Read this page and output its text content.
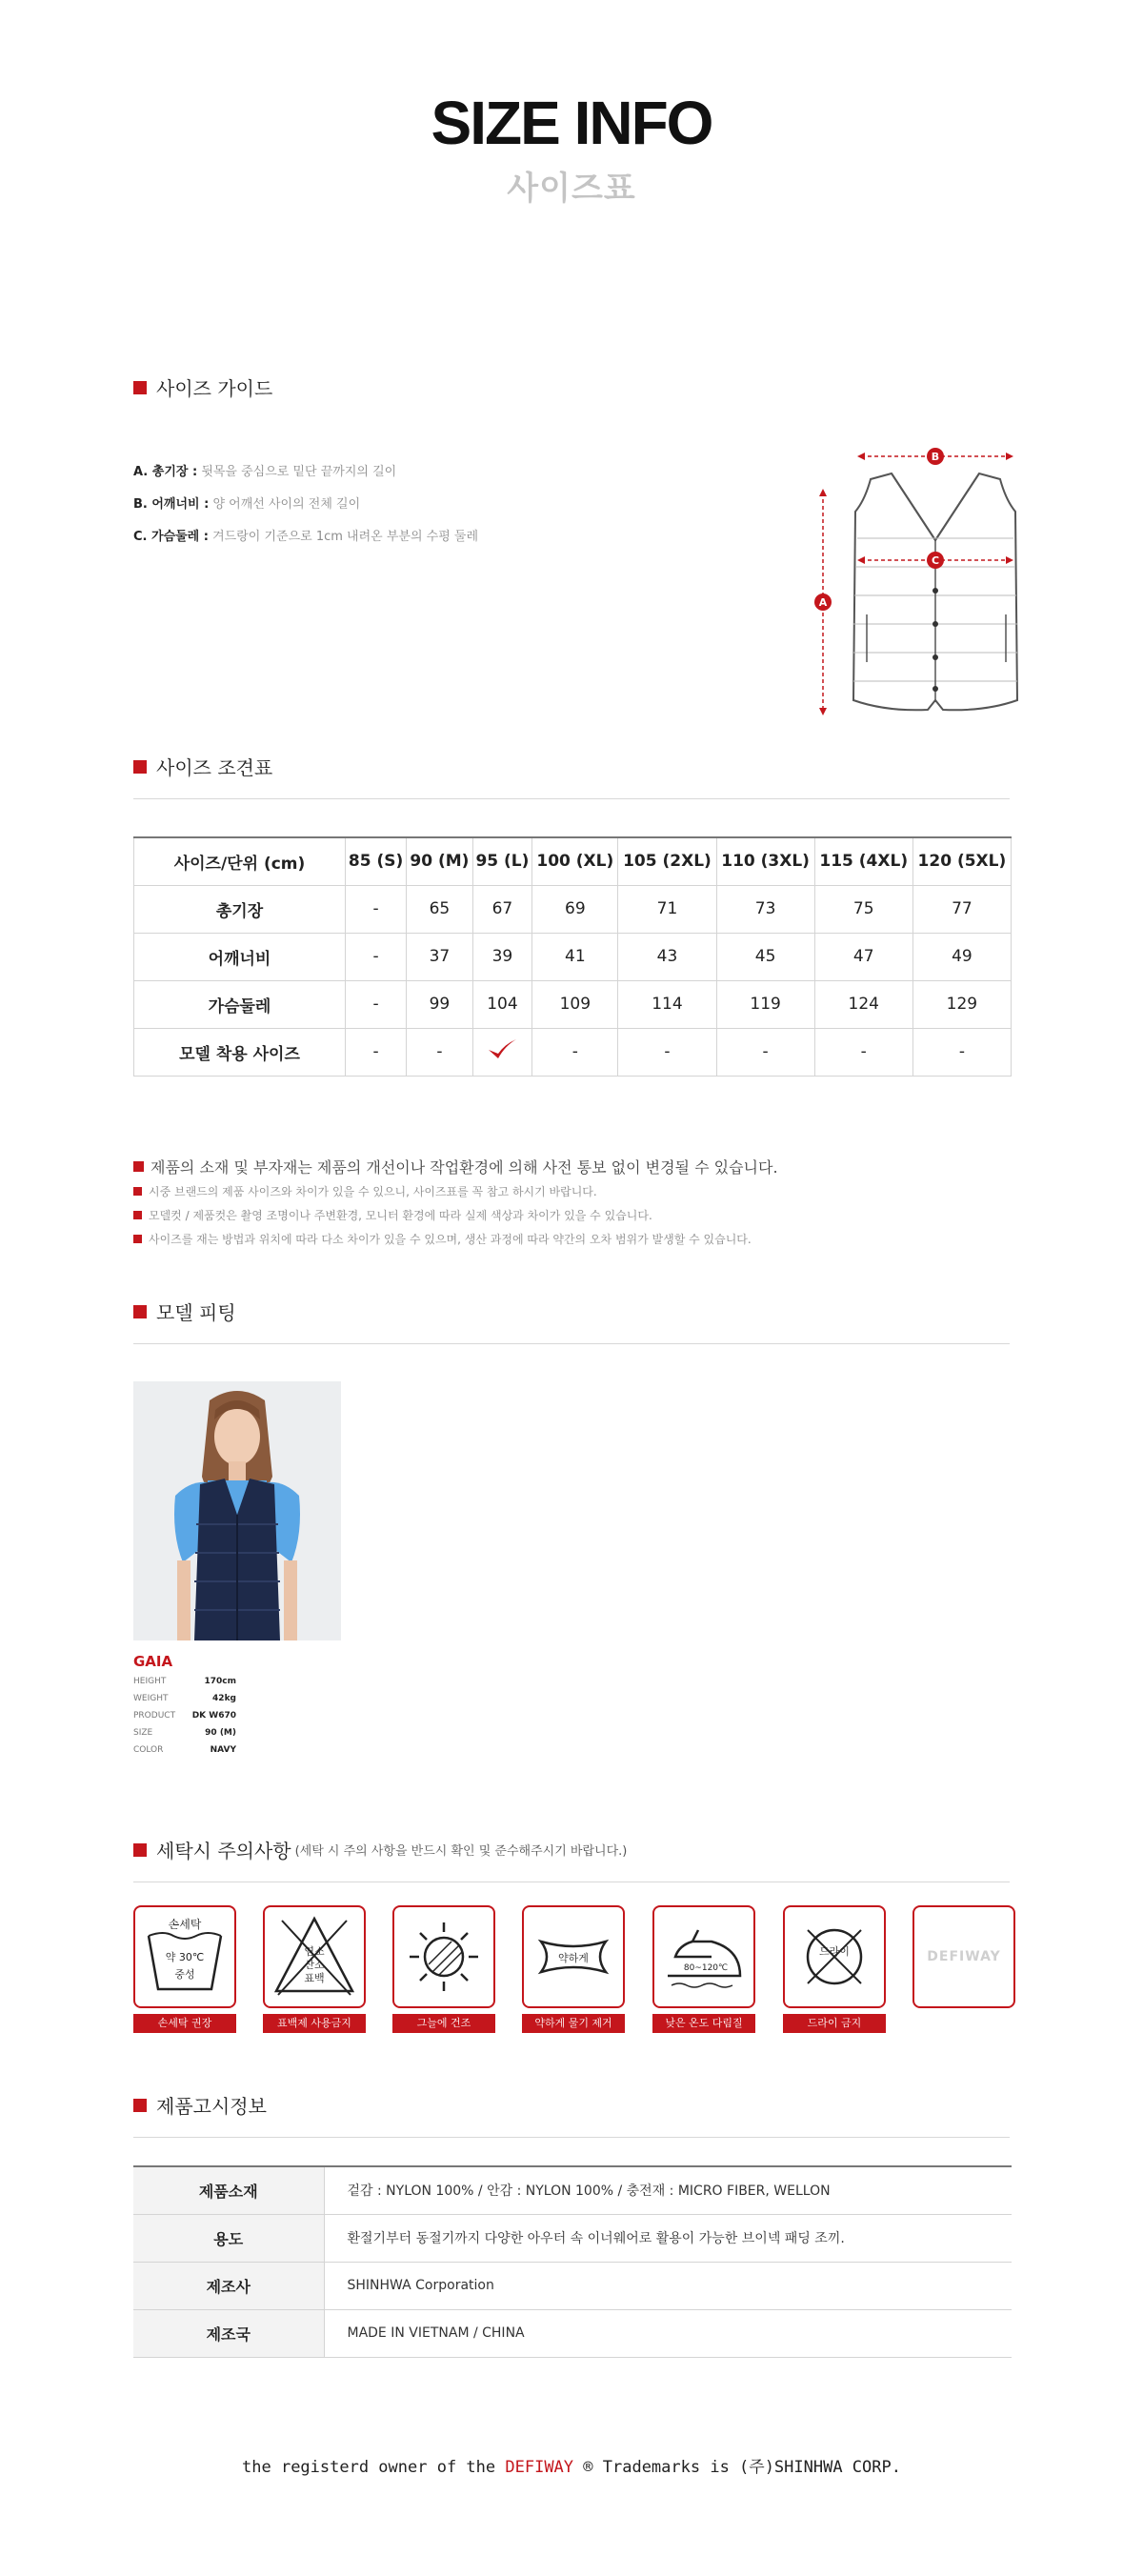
SIZE INFO
사이즈표
사이즈 가이드
A. 총기장 : 뒷목을 중심으로 밑단 끝까지의 길이
B. 어깨너비 : 양 어깨선 사이의 전체 길이
C. 가슴둘레 : 겨드랑이 기준으로 1cm 내려온 부분의 수평 둘레
B
A
C
사이즈 조견표
사이즈/단위 (cm)	85 (S)	90 (M)	95 (L)	100 (XL)	105 (2XL)	110 (3XL)	115 (4XL)	120 (5XL)
총기장	-	65	67	69	71	73	75	77
어깨너비	-	37	39	41	43	45	47	49
가슴둘레	-	99	104	109	114	119	124	129
모델 착용 사이즈	-	-		-	-	-	-	-
제품의 소재 및 부자재는 제품의 개선이나 작업환경에 의해 사전 통보 없이 변경될 수 있습니다.
시중 브랜드의 제품 사이즈와 차이가 있을 수 있으니, 사이즈표를 꼭 참고 하시기 바랍니다.
모델컷 / 제품컷은 촬영 조명이나 주변환경, 모니터 환경에 따라 실제 색상과 차이가 있을 수 있습니다.
사이즈를 재는 방법과 위치에 따라 다소 차이가 있을 수 있으며, 생산 과정에 따라 약간의 오차 범위가 발생할 수 있습니다.
모델 피팅
GAIA
HEIGHT	170cm
WEIGHT	42kg
PRODUCT DK W670
SIZE	90 (M)
COLOR	NAVY
세탁시 주의사항 (세탁 시 주의 사항을 반드시 확인 및 준수해주시기 바랍니다.)
손세탁
약 30℃
중성
손세탁 권장
염소
산소
표백
표백제 사용금지	그늘에 건조
약하게
약하게 물기 제거
80~120℃
낮은 온도 다림질
드라이
드라이 금지
DEFIWAY
제품고시정보
제품소재	겉감 : NYLON 100% / 안감 : NYLON 100% / 충전재 : MICRO FIBER, WELLON
용도	환절기부터 동절기까지 다양한 아우터 속 이너웨어로 활용이 가능한 브이넥 패딩 조끼.
제조사	SHINHWA Corporation
제조국	MADE IN VIETNAM / CHINA
the registerd owner of the DEFIWAY ® Trademarks is (주)SHINHWA CORP.
